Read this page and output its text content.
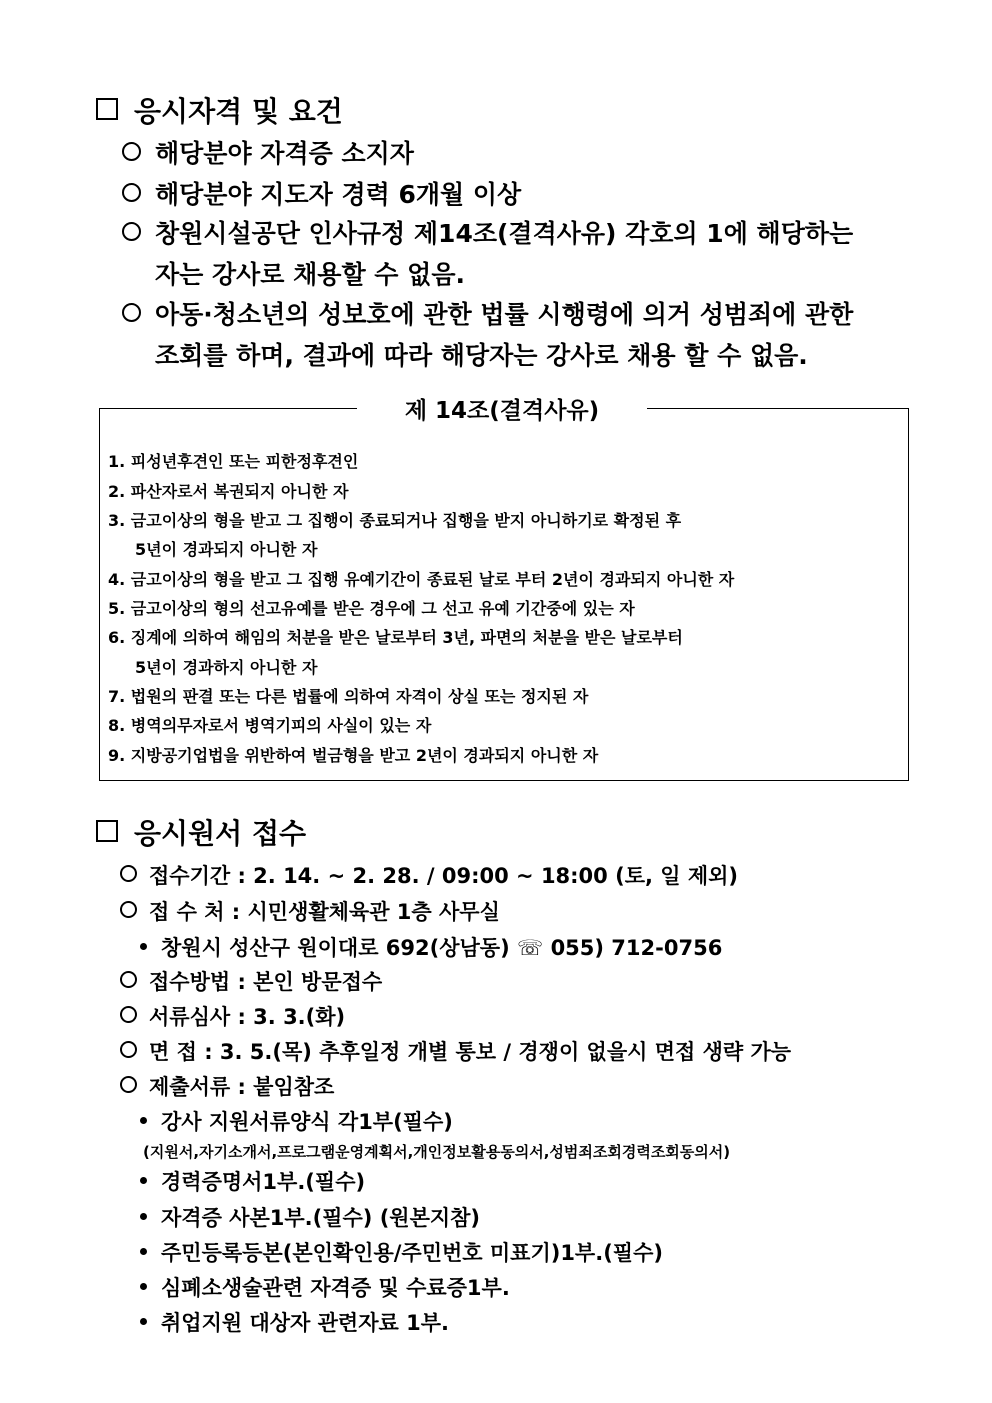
응시자격 및 요건
해당분야 자격증 소지자
해당분야 지도자 경력 6개월 이상
창원시설공단 인사규정 제14조(결격사유) 각호의 1에 해당하는
자는 강사로 채용할 수 없음.
아동·청소년의 성보호에 관한 법률 시행령에 의거 성범죄에 관한
조회를 하며, 결과에 따라 해당자는 강사로 채용 할 수 없음.
제 14조(결격사유)
1. 피성년후견인 또는 피한정후견인
2. 파산자로서 복권되지 아니한 자
3. 금고이상의 형을 받고 그 집행이 종료되거나 집행을 받지 아니하기로 확정된 후
5년이 경과되지 아니한 자
4. 금고이상의 형을 받고 그 집행 유예기간이 종료된 날로 부터 2년이 경과되지 아니한 자
5. 금고이상의 형의 선고유예를 받은 경우에 그 선고 유예 기간중에 있는 자
6. 징계에 의하여 해임의 처분을 받은 날로부터 3년, 파면의 처분을 받은 날로부터
5년이 경과하지 아니한 자
7. 법원의 판결 또는 다른 법률에 의하여 자격이 상실 또는 정지된 자
8. 병역의무자로서 병역기피의 사실이 있는 자
9. 지방공기업법을 위반하여 벌금형을 받고 2년이 경과되지 아니한 자
응시원서 접수
접수기간 : 2. 14. ~ 2. 28. / 09:00 ~ 18:00 (토, 일 제외)
접 수 처 : 시민생활체육관 1층 사무실
창원시 성산구 원이대로 692(상남동) ☏ 055) 712-0756
접수방법 : 본인 방문접수
서류심사 : 3. 3.(화)
면 접 : 3. 5.(목) 추후일정 개별 통보 / 경쟁이 없을시 면접 생략 가능
제출서류 : 붙임참조
강사 지원서류양식 각1부(필수)
(지원서,자기소개서,프로그램운영계획서,개인정보활용동의서,성범죄조회경력조회동의서)
경력증명서1부.(필수)
자격증 사본1부.(필수) (원본지참)
주민등록등본(본인확인용/주민번호 미표기)1부.(필수)
심폐소생술관련 자격증 및 수료증1부.
취업지원 대상자 관련자료 1부.
